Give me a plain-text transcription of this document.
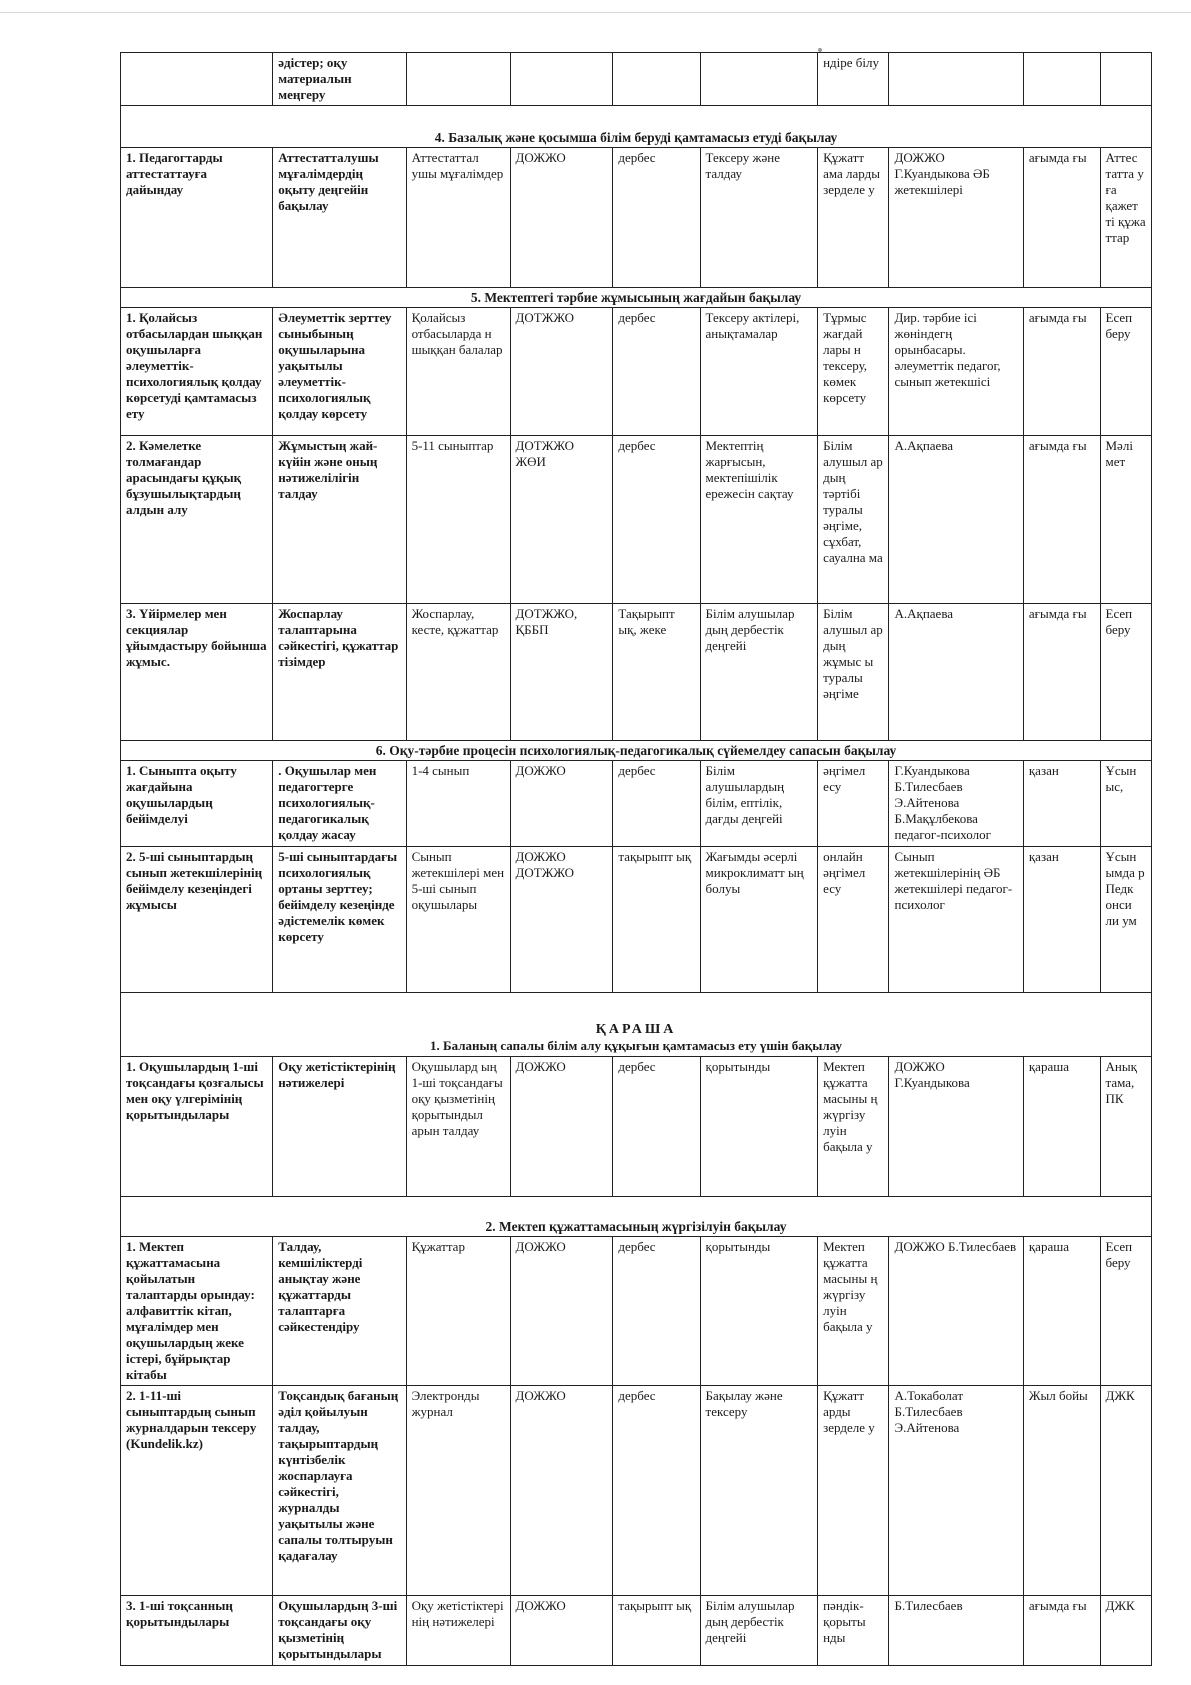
	әдістер; оқу материалын меңгеру					ндіре білу			
4. Базалық және қосымша білім беруді қамтамасыз етуді бақылау									
1. Педагогтарды аттестаттауға дайындау	Аттестатталушы мұғалімдердің оқыту деңгейін бақылау	Аттестаттал ушы мұғалімдер	ДОЖЖО	дербес	Тексеру және талдау	Құжатт ама ларды зерделе у	ДОЖЖО Г.Куандыкова ӘБ жетекшілері	ағымда ғы	Аттес татта у ға қажет ті құжа ттар
5. Мектептегі тәрбие жұмысының жағдайын бақылау									
1. Қолайсыз отбасылардан шыққан оқушыларға әлеуметтік-психологиялық қолдау көрсетуді қамтамасыз ету	Әлеуметтік зерттеу сыныбының оқушыларына уақытылы әлеуметтік-психологиялық қолдау көрсету	Қолайсыз отбасыларда н шыққан балалар	ДОТЖЖО	дербес	Тексеру актілері, анықтамалар	Тұрмыс жағдай лары н тексеру, көмек көрсету	Дир. тәрбие ісі жөніндегң орынбасары. әлеуметтік педагог, сынып жетекшісі	ағымда ғы	Есеп беру
2. Кәмелетке толмағандар арасындағы құқық бұзушылықтардың алдын алу	Жұмыстың жай-күйін және оның нәтижелілігін талдау	5-11 сыныптар	ДОТЖЖО ЖӨИ	дербес	Мектептің жарғысын, мектепішілік ережесін сақтау	Білім алушыл ар дың тәртібі туралы әңгіме, сұхбат, сауална ма	А.Ақпаева	ағымда ғы	Мәлі мет
3. Үйірмелер мен секциялар ұйымдастыру бойынша жұмыс.	Жоспарлау талаптарына сәйкестігі, құжаттар тізімдер	Жоспарлау, кесте, құжаттар	ДОТЖЖО, ҚББП	Тақырыпт ық, жеке	Білім алушылар дың дербестік деңгейі	Білім алушыл ар дың жұмыс ы туралы әңгіме	А.Ақпаева	ағымда ғы	Есеп беру
6. Оқу-тәрбие процесін психологиялық-педагогикалық сүйемелдеу сапасын бақылау									
1. Сыныпта оқыту жағдайына оқушылардың бейімделуі	. Оқушылар мен педагогтерге психологиялық-педагогикалық қолдау жасау	1-4 сынып	ДОЖЖО	дербес	Білім алушылардың білім, ептілік, дағды деңгейі	әңгімел есу	Г.Куандыкова Б.Тилесбаев Э.Айтенова Б.Мақұлбекова педагог-психолог	қазан	Ұсын ыс,
2. 5-ші сыныптардың сынып жетекшілерінің бейімделу кезеңіндегі жұмысы	5-ші сыныптардағы психологиялық ортаны зерттеу; бейімделу кезеңінде әдістемелік көмек көрсету	Сынып жетекшілері мен 5-ші сынып оқушылары	ДОЖЖО ДОТЖЖО	тақырыпт ық	Жағымды әсерлі микроклиматт ың болуы	онлайн әңгімел есу	Сынып жетекшілерінің ӘБ жетекшілері педагог-психолог	қазан	Ұсын ымда р Педк онси ли ум

ҚАРАША
1. Баланың сапалы білім алу құқығын қамтамасыз ету үшін бақылау									

1. Оқушылардың 1-ші тоқсандағы қозғалысы мен оқу үлгерімінің қорытындылары	Оқу жетістіктерінің нәтижелері	Оқушылард ың 1-ші тоқсандағы оқу қызметінің қорытындыл арын талдау	ДОЖЖО	дербес	қорытынды	Мектеп құжатта масыны ң жүргізу луін бақыла у	ДОЖЖО Г.Куандыкова	қараша	Анық тама, ПК
2. Мектеп құжаттамасының жүргізілуін бақылау									
1. Мектеп құжаттамасына қойылатын талаптарды орындау: алфавиттік кітап, мұғалімдер мен оқушылардың жеке істері, бұйрықтар кітабы	Талдау, кемшіліктерді анықтау және құжаттарды талаптарға сәйкестендіру	Құжаттар	ДОЖЖО	дербес	қорытынды	Мектеп құжатта масыны ң жүргізу луін бақыла у	ДОЖЖО Б.Тилесбаев	қараша	Есеп беру
2. 1-11-ші сыныптардың сынып журналдарын тексеру (Kundelik.kz)	Тоқсандық бағаның әділ қойылуын талдау, тақырыптардың күнтізбелік жоспарлауға сәйкестігі, журналды уақытылы және сапалы толтыруын қадағалау	Электронды журнал	ДОЖЖО	дербес	Бақылау және тексеру	Құжатт арды зерделе у	А.Токаболат Б.Тилесбаев Э.Айтенова	Жыл бойы	ДЖК
3. 1-ші тоқсанның қорытындылары	Оқушылардың 3-ші тоқсандағы оқу қызметінің қорытындылары	Оқу жетістіктері нің нәтижелері	ДОЖЖО	тақырыпт ық	Білім алушылар дың дербестік деңгейі	пәндік-қорыты нды	Б.Тилесбаев	ағымда ғы	ДЖК
